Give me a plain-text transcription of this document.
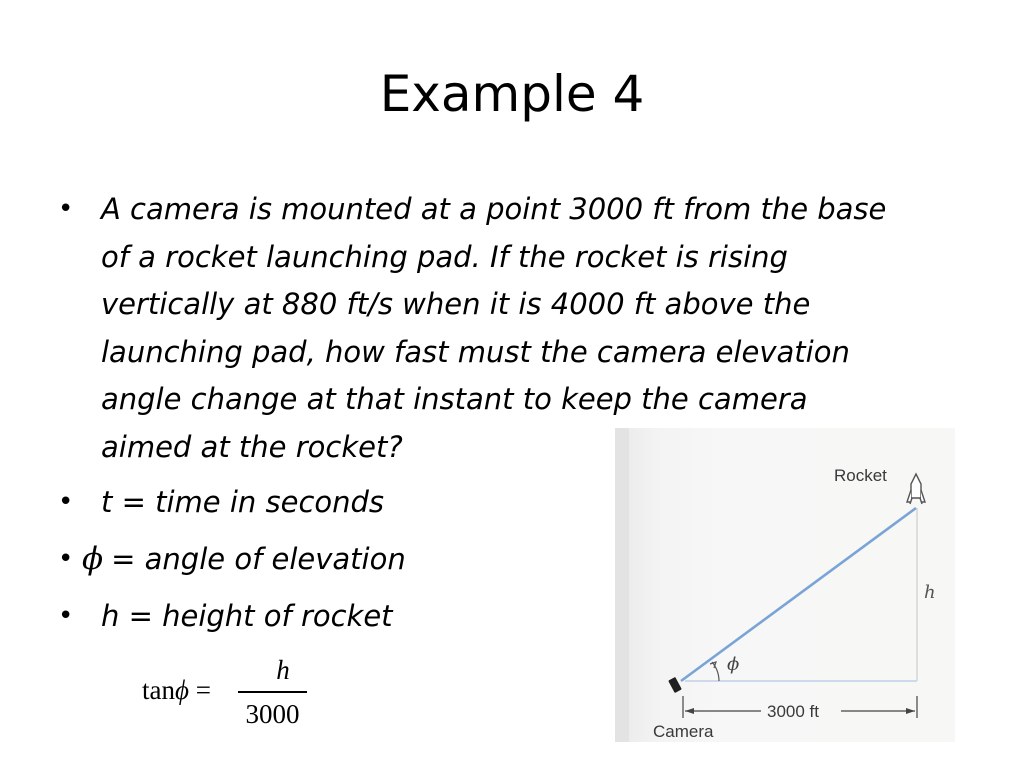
Example 4
• A camera is mounted at a point 3000 ft from the base of a rocket launching pad. If the rocket is rising vertically at 880 ft/s when it is 4000 ft above the launching pad, how fast must the camera elevation angle change at that instant to keep the camera aimed at the rocket?
• t = time in seconds
• ϕ = angle of elevation
• h = height of rocket
tanϕ =
h
3000
ϕ
h
Rocket
3000 ft
Camera
